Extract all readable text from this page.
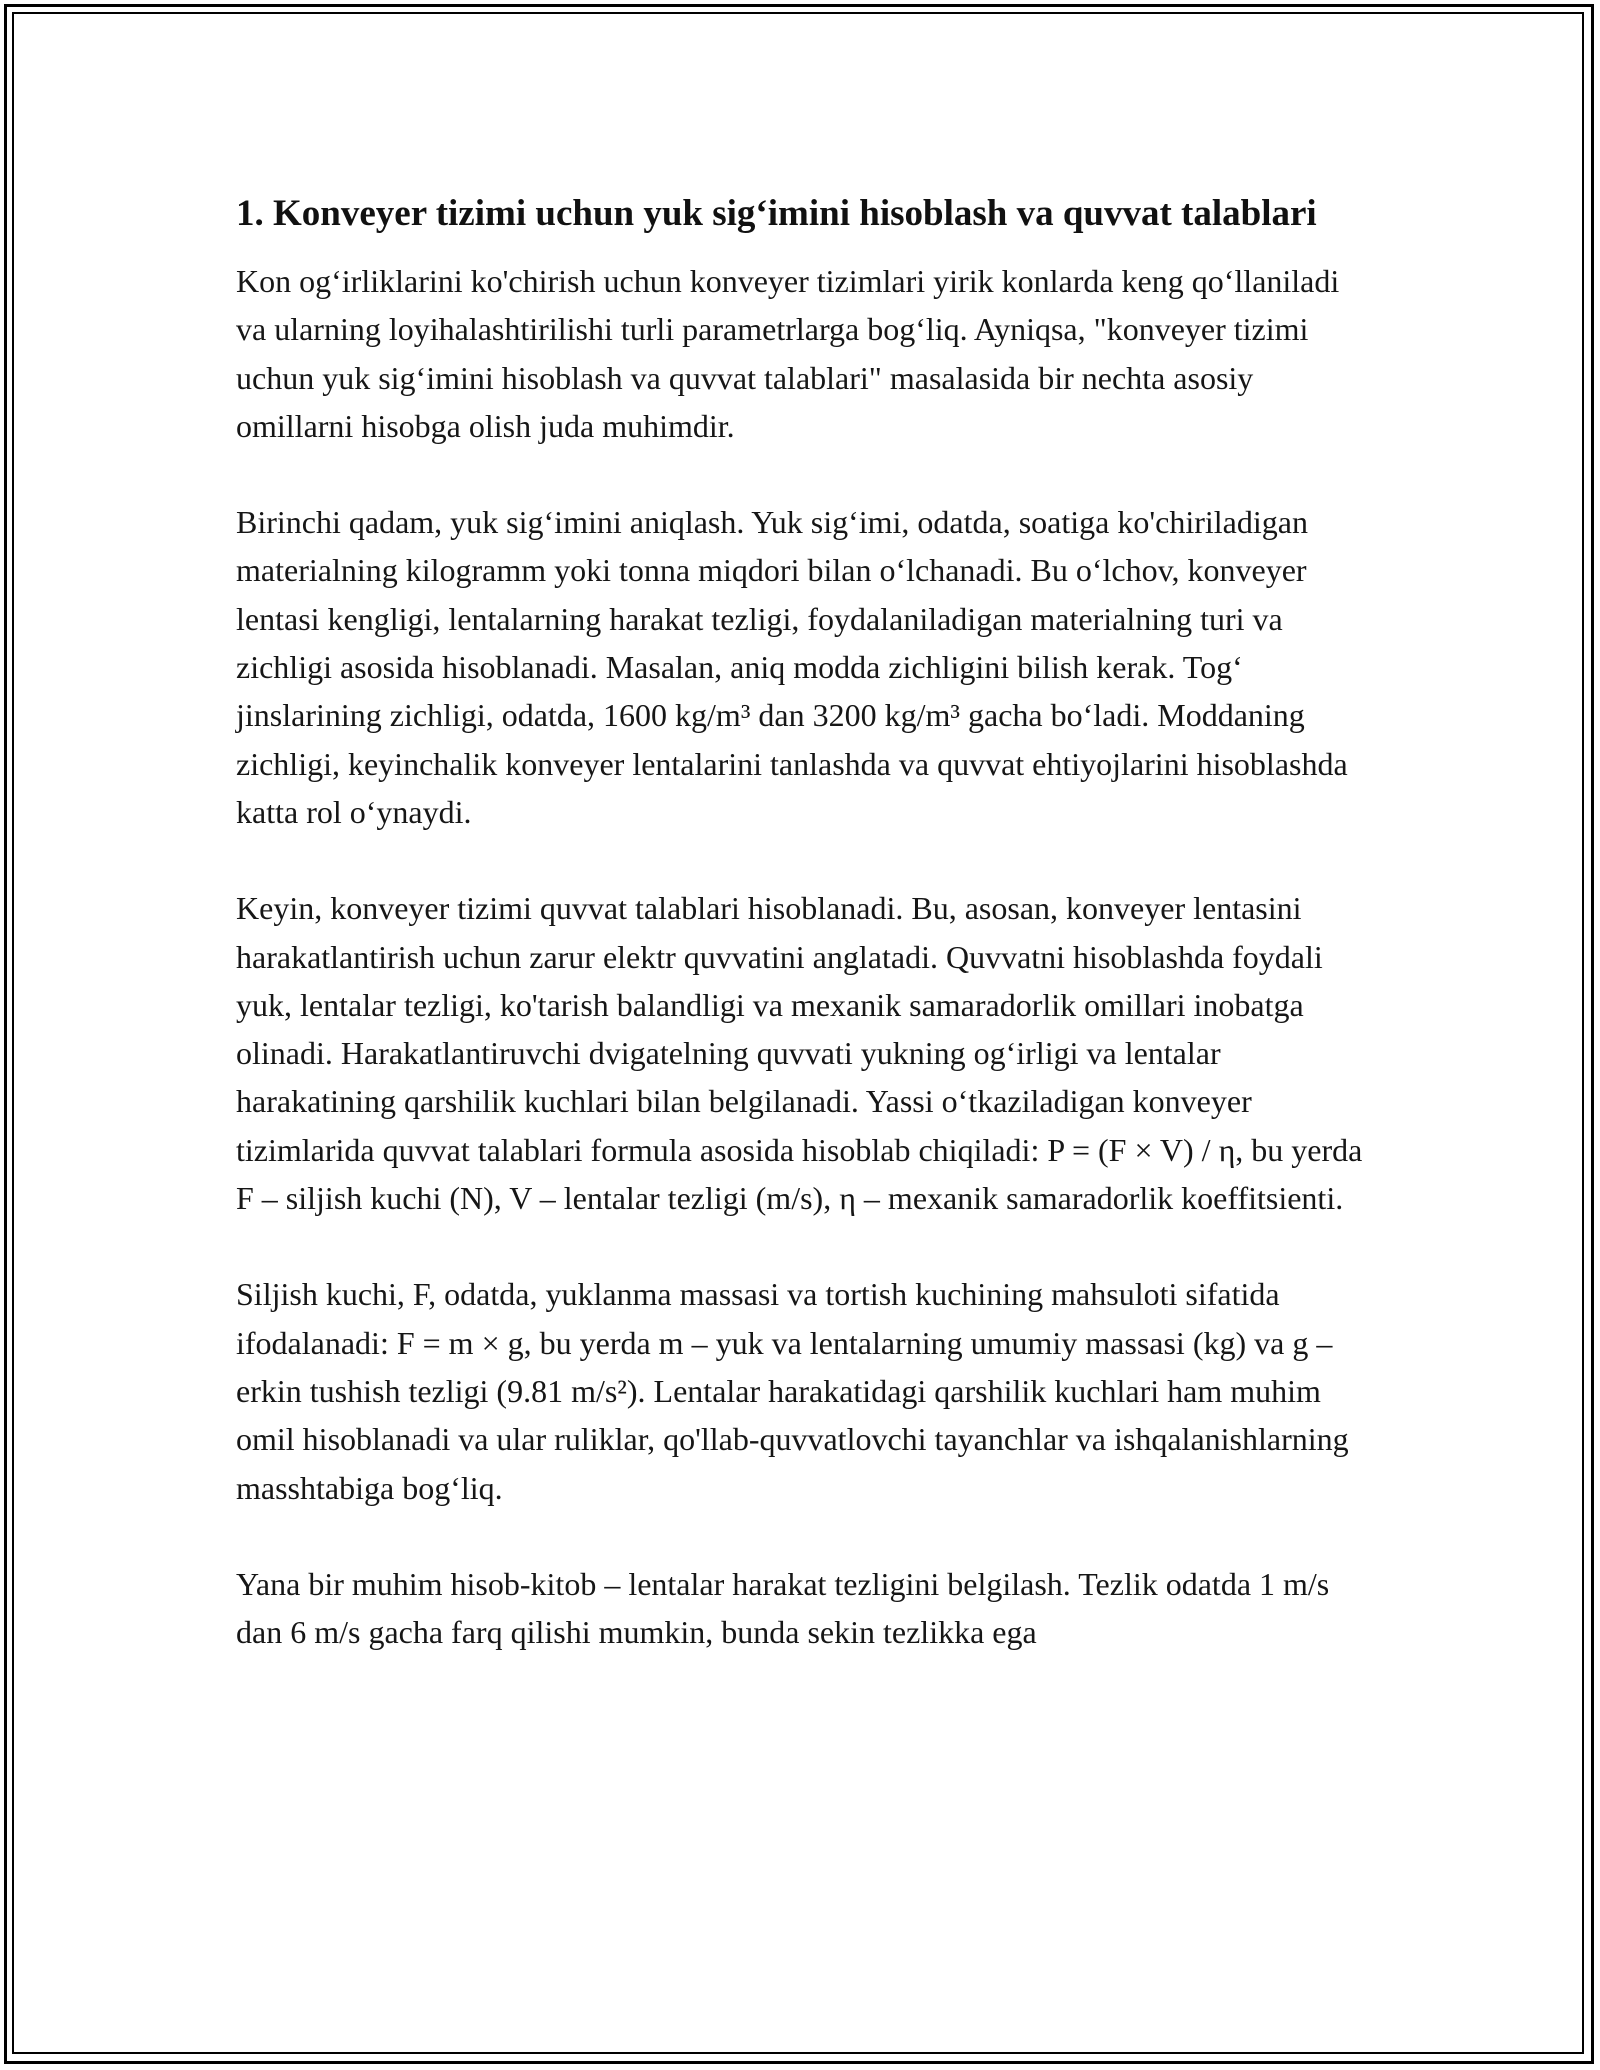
1. Konveyer tizimi uchun yuk sig‘imini hisoblash va quvvat talablari

Kon og‘irliklarini ko'chirish uchun konveyer tizimlari yirik konlarda keng qo‘llaniladi va ularning loyihalashtirilishi turli parametrlarga bog‘liq. Ayniqsa, "konveyer tizimi uchun yuk sig‘imini hisoblash va quvvat talablari" masalasida bir nechta asosiy omillarni hisobga olish juda muhimdir.

Birinchi qadam, yuk sig‘imini aniqlash. Yuk sig‘imi, odatda, soatiga ko'chiriladigan materialning kilogramm yoki tonna miqdori bilan o‘lchanadi. Bu o‘lchov, konveyer lentasi kengligi, lentalarning harakat tezligi, foydalaniladigan materialning turi va zichligi asosida hisoblanadi. Masalan, aniq modda zichligini bilish kerak. Tog‘ jinslarining zichligi, odatda, 1600 kg/m³ dan 3200 kg/m³ gacha bo‘ladi. Moddaning zichligi, keyinchalik konveyer lentalarini tanlashda va quvvat ehtiyojlarini hisoblashda katta rol o‘ynaydi.

Keyin, konveyer tizimi quvvat talablari hisoblanadi. Bu, asosan, konveyer lentasini harakatlantirish uchun zarur elektr quvvatini anglatadi. Quvvatni hisoblashda foydali yuk, lentalar tezligi, ko'tarish balandligi va mexanik samaradorlik omillari inobatga olinadi. Harakatlantiruvchi dvigatelning quvvati yukning og‘irligi va lentalar harakatining qarshilik kuchlari bilan belgilanadi. Yassi o‘tkaziladigan konveyer tizimlarida quvvat talablari formula asosida hisoblab chiqiladi: P = (F × V) / η, bu yerda F – siljish kuchi (N), V – lentalar tezligi (m/s), η – mexanik samaradorlik koeffitsienti.

Siljish kuchi, F, odatda, yuklanma massasi va tortish kuchining mahsuloti sifatida ifodalanadi: F = m × g, bu yerda m – yuk va lentalarning umumiy massasi (kg) va g – erkin tushish tezligi (9.81 m/s²). Lentalar harakatidagi qarshilik kuchlari ham muhim omil hisoblanadi va ular ruliklar, qo'llab-quvvatlovchi tayanchlar va ishqalanishlarning masshtabiga bog‘liq.

Yana bir muhim hisob-kitob – lentalar harakat tezligini belgilash. Tezlik odatda 1 m/s dan 6 m/s gacha farq qilishi mumkin, bunda sekin tezlikka ega
